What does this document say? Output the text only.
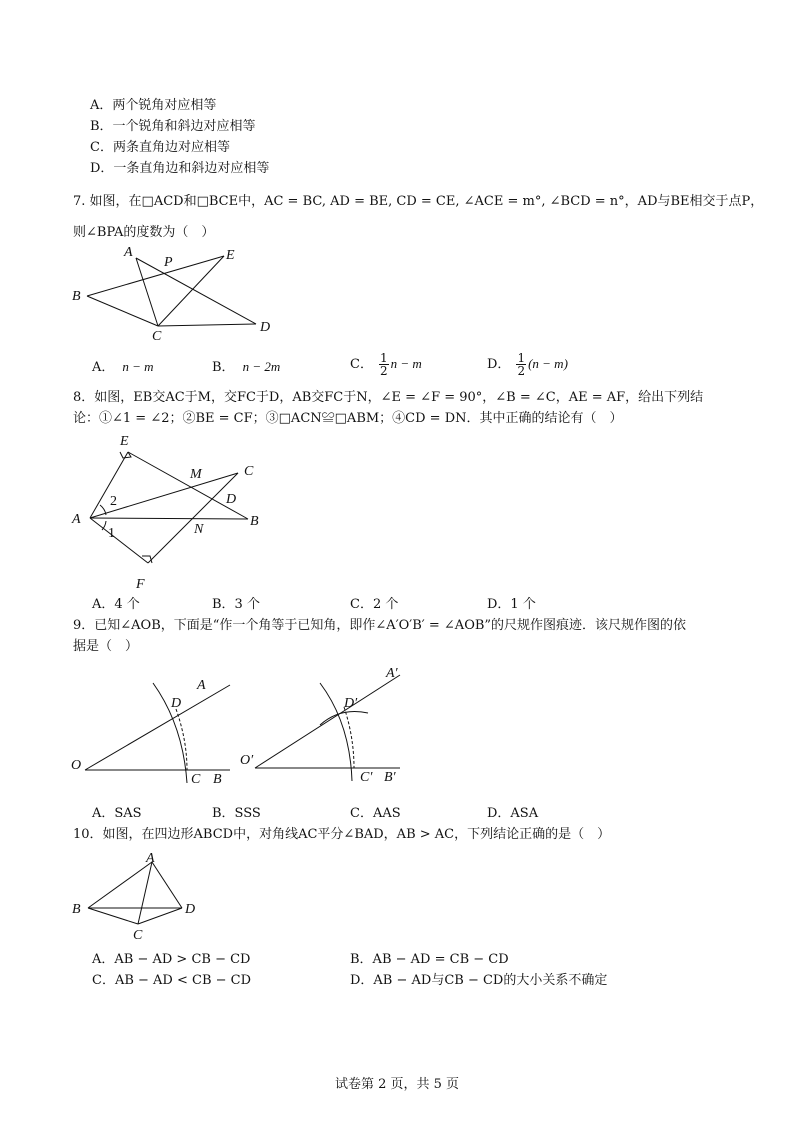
A．两个锐角对应相等
B．一个锐角和斜边对应相等
C．两条直角边对应相等
D．一条直角边和斜边对应相等
7. 如图，在□ACD和□BCE中，AC = BC, AD = BE, CD = CE, ∠ACE = m°, ∠BCD = n°，AD与BE相交于点P，
则∠BPA的度数为（　）
A
P	E
B
C
D
A． n − m	B． n − 2m	C． $\frac{1}{2}$ n − m	D． $\frac{1}{2} (n - m)$
8．如图，EB交AC于M，交FC于D，AB交FC于N，∠E = ∠F = 90°，∠B = ∠C，AE = AF，给出下列结
论：①∠1 = ∠2；②BE = CF；③□ACN≌□ABM；④CD = DN．其中正确的结论有（　）
E
M	C
2	D
A	B
1	N
F
A．4 个	B．3 个	C．2 个	D．1 个
9．已知∠AOB，下面是“作一个角等于已知角，即作∠A′O′B′ = ∠AOB”的尺规作图痕迹．该尺规作图的依
据是（　）
D
A
O
C B
D′
A′
O′
C′ B′
A．SAS	B．SSS	C．AAS	D．ASA
10．如图，在四边形ABCD中，对角线AC平分∠BAD，AB > AC，下列结论正确的是（　）
A
B	D
C
A．AB − AD > CB − CD	B．AB − AD = CB − CD
C．AB − AD < CB − CD	D．AB − AD与CB − CD的大小关系不确定
试卷第 2 页，共 5 页
